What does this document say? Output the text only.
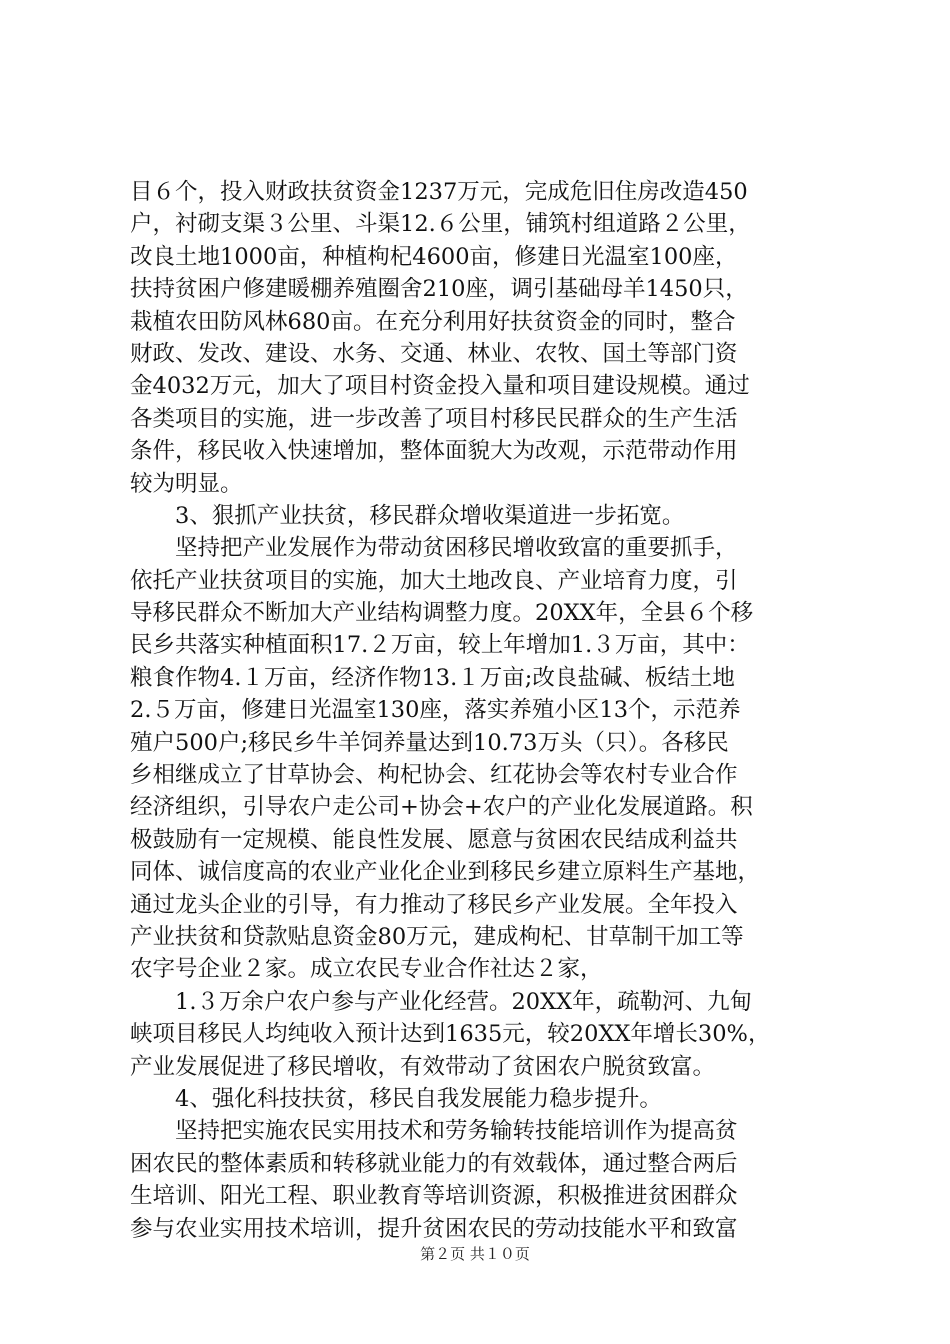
目６个，投入财政扶贫资金1237万元，完成危旧住房改造450
户，衬砌支渠３公里、斗渠12.６公里，铺筑村组道路２公里，
改良土地1000亩，种植枸杞4600亩，修建日光温室100座，
扶持贫困户修建暖棚养殖圈舍210座，调引基础母羊1450只，
栽植农田防风林680亩。在充分利用好扶贫资金的同时，整合
财政、发改、建设、水务、交通、林业、农牧、国土等部门资
金4032万元，加大了项目村资金投入量和项目建设规模。通过
各类项目的实施，进一步改善了项目村移民民群众的生产生活
条件，移民收入快速增加，整体面貌大为改观，示范带动作用
较为明显。
　　3、狠抓产业扶贫，移民群众增收渠道进一步拓宽。
　　坚持把产业发展作为带动贫困移民增收致富的重要抓手，
依托产业扶贫项目的实施，加大土地改良、产业培育力度，引
导移民群众不断加大产业结构调整力度。20XX年，全县６个移
民乡共落实种植面积17.２万亩，较上年增加1.３万亩，其中：
粮食作物4.１万亩，经济作物13.１万亩;改良盐碱、板结土地
2.５万亩，修建日光温室130座，落实养殖小区13个，示范养
殖户500户;移民乡牛羊饲养量达到10.73万头（只）。各移民
乡相继成立了甘草协会、枸杞协会、红花协会等农村专业合作
经济组织，引导农户走公司+协会+农户的产业化发展道路。积
极鼓励有一定规模、能良性发展、愿意与贫困农民结成利益共
同体、诚信度高的农业产业化企业到移民乡建立原料生产基地，
通过龙头企业的引导，有力推动了移民乡产业发展。全年投入
产业扶贫和贷款贴息资金80万元，建成枸杞、甘草制干加工等
农字号企业２家。成立农民专业合作社达２家，
　　1.３万余户农户参与产业化经营。20XX年，疏勒河、九甸
峡项目移民人均纯收入预计达到1635元，较20XX年增长30%，
产业发展促进了移民增收，有效带动了贫困农户脱贫致富。
　　4、强化科技扶贫，移民自我发展能力稳步提升。
　　坚持把实施农民实用技术和劳务输转技能培训作为提高贫
困农民的整体素质和转移就业能力的有效载体，通过整合两后
生培训、阳光工程、职业教育等培训资源，积极推进贫困群众
参与农业实用技术培训，提升贫困农民的劳动技能水平和致富
第２页 共１０页
